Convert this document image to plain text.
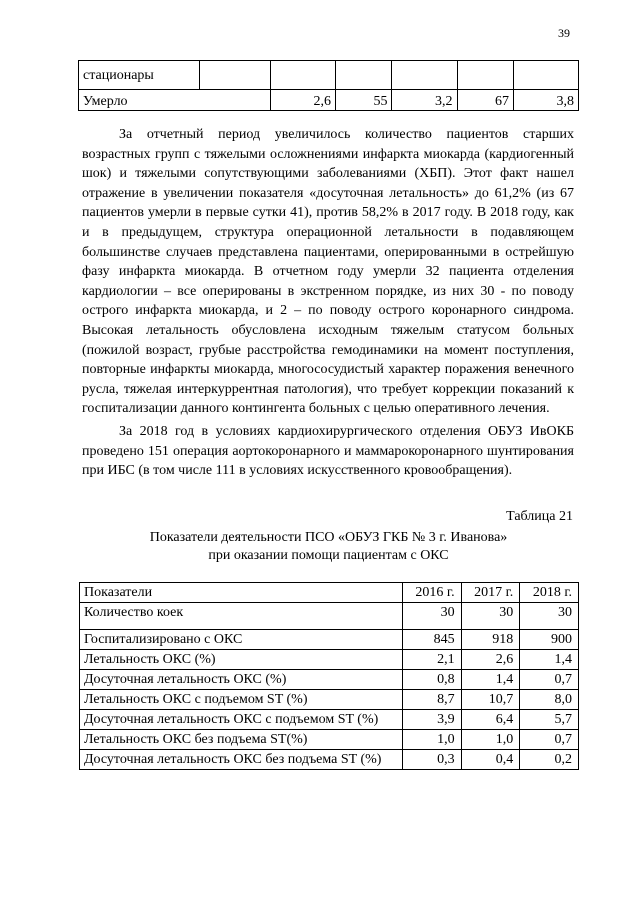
39
стационары						
Умерло		2,6	55	3,2	67	3,8

За отчетный период увеличилось количество пациентов старших возрастных групп с тяжелыми осложнениями инфаркта миокарда (кардиогенный шок) и тяжелыми сопутствующими заболеваниями (ХБП). Этот факт нашел отражение в увеличении показателя «досуточная летальность» до 61,2% (из 67 пациентов умерли в первые сутки 41), против 58,2% в 2017 году. В 2018 году, как и в предыдущем, структура операционной летальности в подавляющем большинстве случаев представлена пациентами, оперированными в острейшую фазу инфаркта миокарда. В отчетном году умерли 32 пациента отделения кардиологии – все оперированы в экстренном порядке, из них 30 - по поводу острого инфаркта миокарда, и 2 – по поводу острого коронарного синдрома. Высокая летальность обусловлена исходным тяжелым статусом больных (пожилой возраст, грубые расстройства гемодинамики на момент поступления, повторные инфаркты миокарда, многососудистый характер поражения венечного русла, тяжелая интеркуррентная патология), что требует коррекции показаний к госпитализации данного контингента больных с целью оперативного лечения.

За 2018 год в условиях кардиохирургического отделения ОБУЗ ИвОКБ проведено 151 операция аортокоронарного и маммарокоронарного шунтирования при ИБС (в том числе 111 в условиях искусственного кровообращения).

Таблица 21
Показатели деятельности ПСО «ОБУЗ ГКБ № 3 г. Иванова»
при оказании помощи пациентам с ОКС
Показатели	2016 г.	2017 г.	2018 г.
Количество коек	30	30	30
Госпитализировано с ОКС	845	918	900
Летальность ОКС (%)	2,1	2,6	1,4
Досуточная летальность ОКС (%)	0,8	1,4	0,7
Летальность ОКС с подъемом ST (%)	8,7	10,7	8,0
Досуточная летальность ОКС с подъемом ST (%)	3,9	6,4	5,7
Летальность ОКС без подъема ST(%)	1,0	1,0	0,7
Досуточная летальность ОКС без подъема ST (%)	0,3	0,4	0,2
